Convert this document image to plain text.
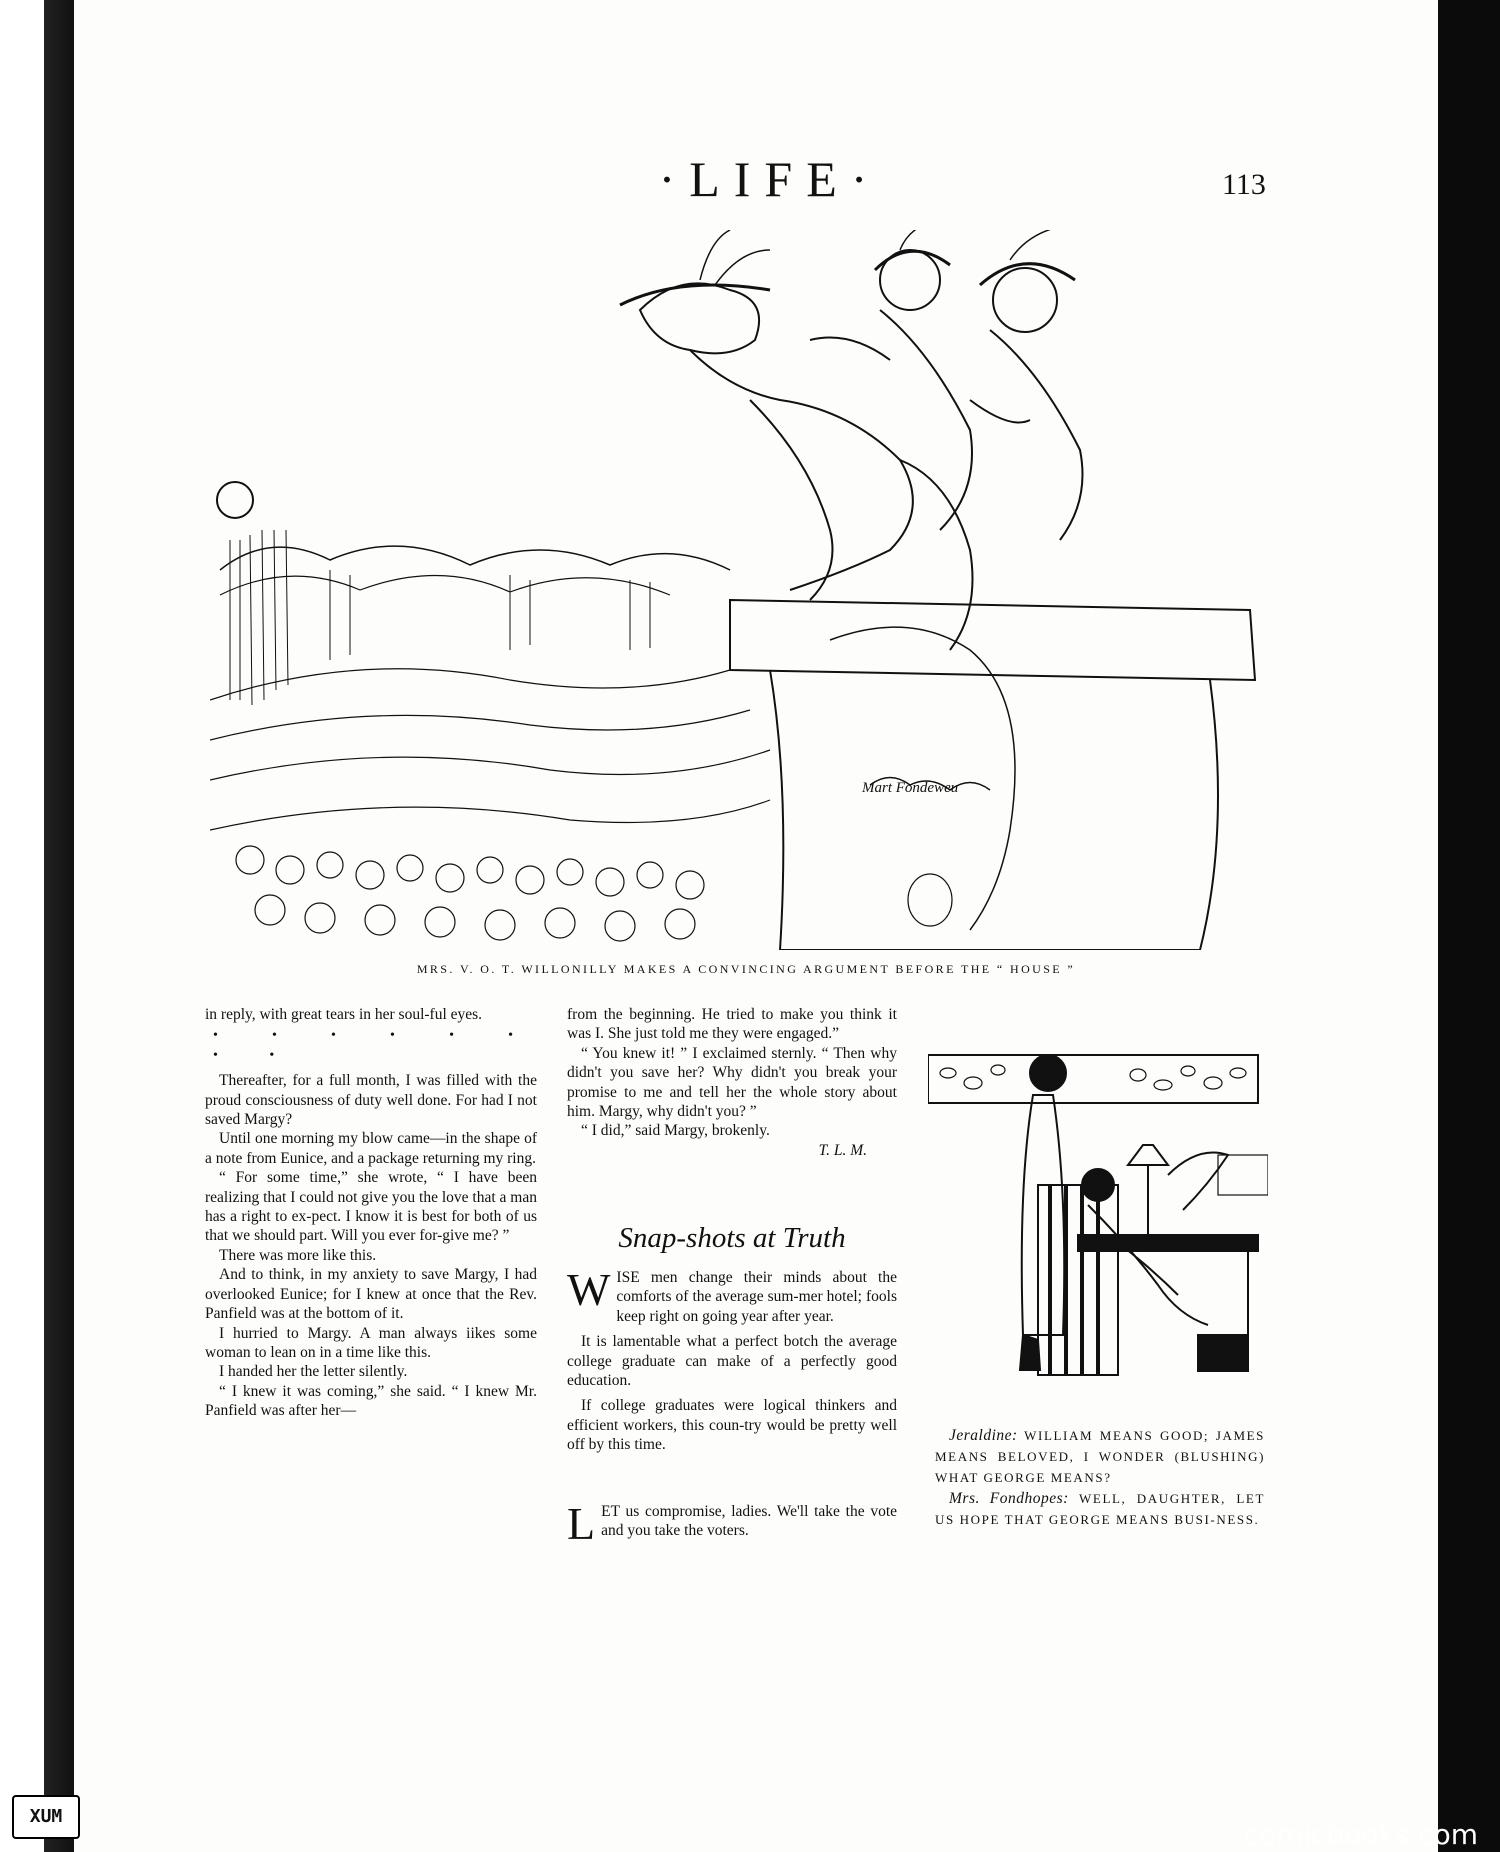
·LIFE·	113
Mart Fondeweu
MRS. V. O. T. WILLONILLY MAKES A CONVINCING ARGUMENT BEFORE THE “ HOUSE ”

in reply, with great tears in her soul-ful eyes.

• • • • • • • •

Thereafter, for a full month, I was filled with the proud consciousness of duty well done. For had I not saved Margy?

Until one morning my blow came—in the shape of a note from Eunice, and a package returning my ring.

“ For some time,” she wrote, “ I have been realizing that I could not give you the love that a man has a right to ex-pect. I know it is best for both of us that we should part. Will you ever for-give me? ”

There was more like this.

And to think, in my anxiety to save Margy, I had overlooked Eunice; for I knew at once that the Rev. Panfield was at the bottom of it.

I hurried to Margy. A man always iikes some woman to lean on in a time like this.

I handed her the letter silently.

“ I knew it was coming,” she said. “ I knew Mr. Panfield was after her—

from the beginning. He tried to make you think it was I. She just told me they were engaged.”

“ You knew it! ” I exclaimed sternly. “ Then why didn't you save her? Why didn't you break your promise to me and tell her the whole story about him. Margy, why didn't you? ”

“ I did,” said Margy, brokenly.

T. L. M.

Snap-shots at Truth

WISE men change their minds about the comforts of the average sum-mer hotel; fools keep right on going year after year.

It is lamentable what a perfect botch the average college graduate can make of a perfectly good education.

If college graduates were logical thinkers and efficient workers, this coun-try would be pretty well off by this time.

LET us compromise, ladies. We'll take the vote and you take the voters.

Jeraldine: WILLIAM MEANS GOOD; JAMES MEANS BELOVED, I WONDER (BLUSHING) WHAT GEORGE MEANS?

Mrs. Fondhopes: WELL, DAUGHTER, LET US HOPE THAT GEORGE MEANS BUSI-NESS.

XUM
comicbooks.com
